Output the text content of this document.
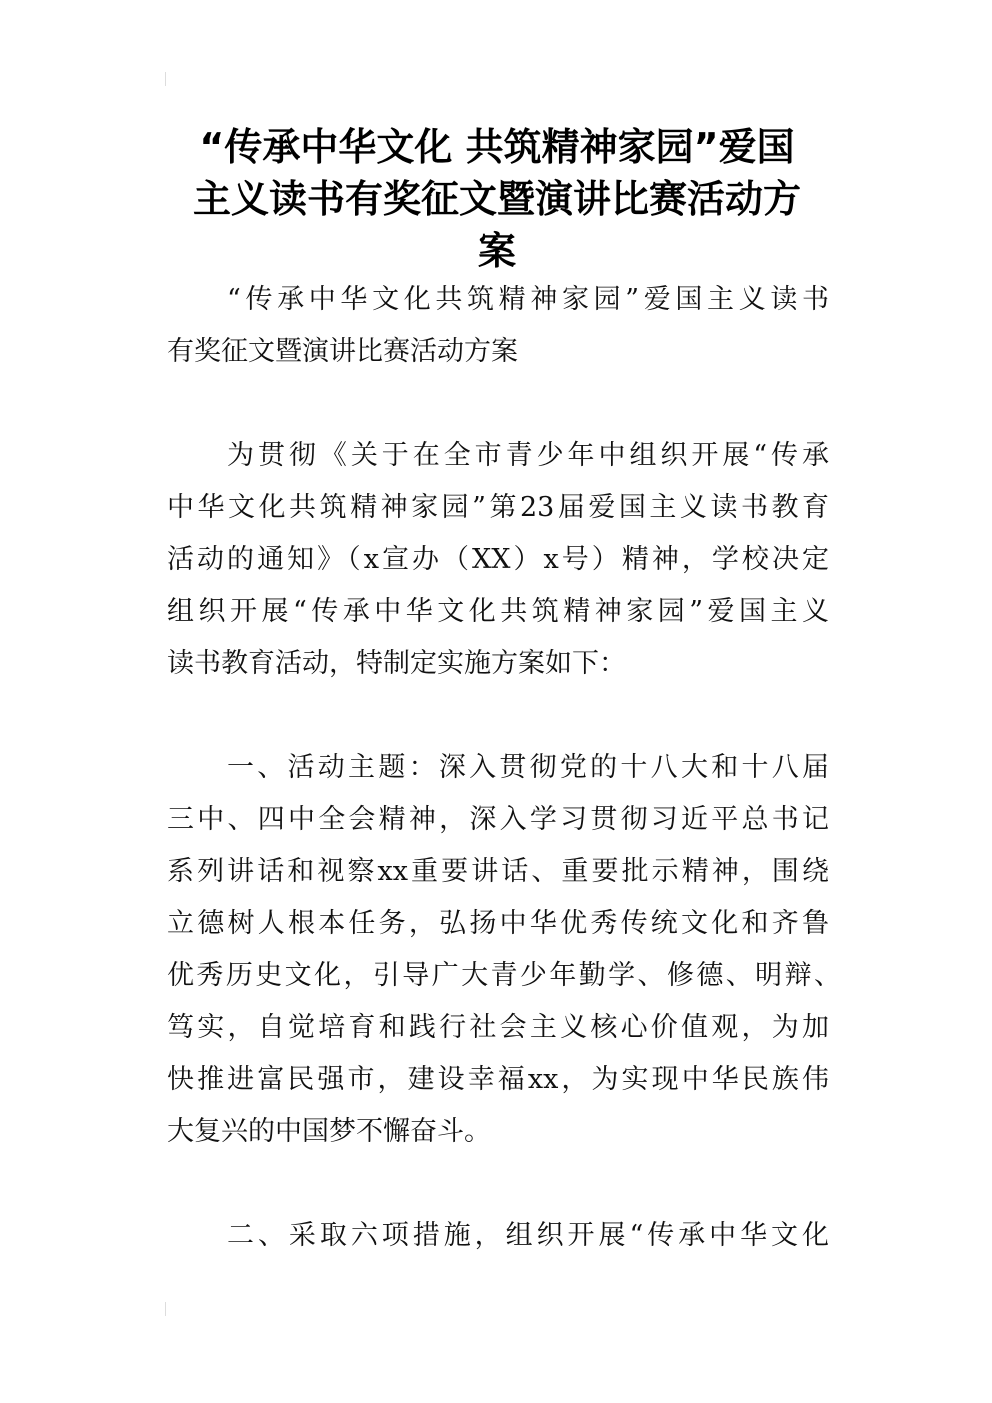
“传承中华文化 共筑精神家园”爱国
主义读书有奖征文暨演讲比赛活动方
案
“传承中华文化共筑精神家园”爱国主义读书
有奖征文暨演讲比赛活动方案
为贯彻《关于在全市青少年中组织开展“传承
中华文化共筑精神家园”第23届爱国主义读书教育
活动的通知》（x宣办（XX）x号）精神，学校决定
组织开展“传承中华文化共筑精神家园”爱国主义
读书教育活动，特制定实施方案如下：
一、活动主题：深入贯彻党的十八大和十八届
三中、四中全会精神，深入学习贯彻习近平总书记
系列讲话和视察xx重要讲话、重要批示精神，围绕
立德树人根本任务，弘扬中华优秀传统文化和齐鲁
优秀历史文化，引导广大青少年勤学、修德、明辩、
笃实，自觉培育和践行社会主义核心价值观，为加
快推进富民强市，建设幸福xx，为实现中华民族伟
大复兴的中国梦不懈奋斗。
二、采取六项措施，组织开展“传承中华文化
